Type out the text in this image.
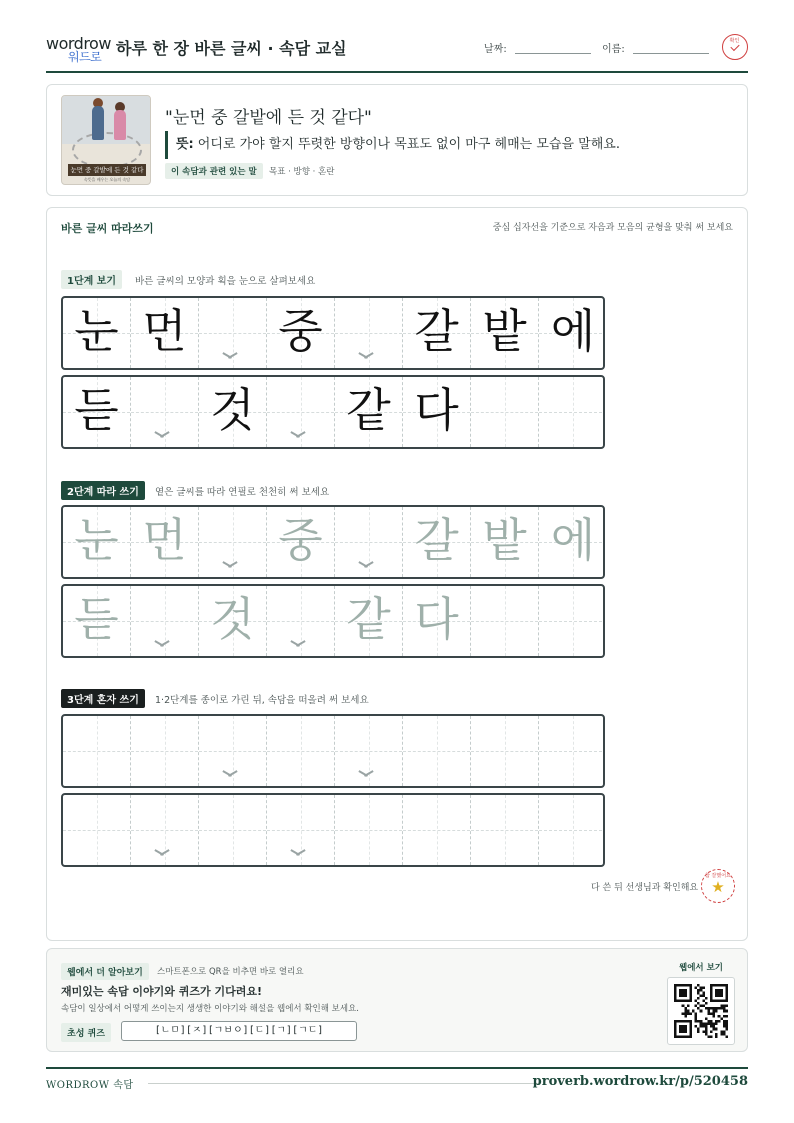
wordrow
워드로 하루 한 장 바른 글씨 · 속담 교실	날짜:	이름:
확인
눈먼 중 갈밭에 든 것 같다
속뜻을 배우는 오늘의 속담
"눈먼 중 갈밭에 든 것 같다"
뜻: 어디로 가야 할지 뚜렷한 방향이나 목표도 없이 마구 헤매는 모습을 말해요.
이 속담과 관련 있는 말	목표 · 방향 · 혼란
바른 글씨 따라쓰기	중심 십자선을 기준으로 자음과 모음의 균형을 맞춰 써 보세요
1단계 보기	바른 글씨의 모양과 획을 눈으로 살펴보세요
눈 먼 중 갈 밭 에
듣 것 같 다
2단계 따라 쓰기	옅은 글씨를 따라 연필로 천천히 써 보세요
눈 먼 중 갈 밭 에
듣 것 같 다
3단계 혼자 쓰기	1·2단계를 종이로 가린 뒤, 속담을 떠올려 써 보세요
다 쓴 뒤 선생님과 확인해요
참 잘했어요
★
웹에서 더 알아보기	스마트폰으로 QR을 비추면 바로 열리요
재미있는 속담 이야기와 퀴즈가 기다려요!
속담이 일상에서 어떻게 쓰이는지 생생한 이야기와 해설을 웹에서 확인해 보세요.
초성 퀴즈	[ㄴㅁ][ㅈ][ㄱㅂㅇ][ㄷ][ㄱ][ㄱㄷ]
웹에서 보기
WORDROW 속담	proverb.wordrow.kr/p/520458
